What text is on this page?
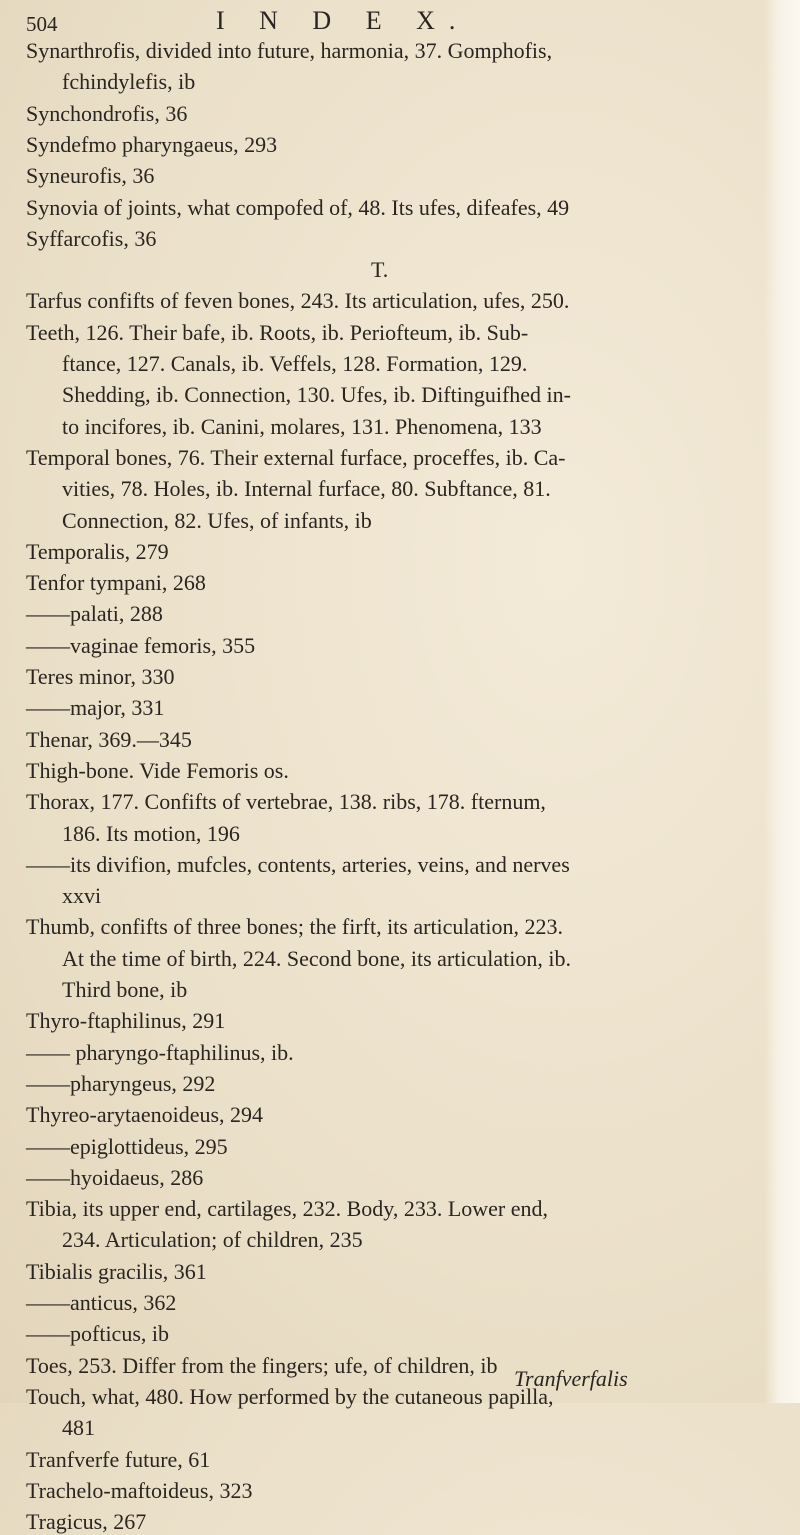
504	I N D E X.
Synarthrofis, divided into future, harmonia, 37. Gomphofis,
fchindylefis, ib
Synchondrofis, 36
Syndefmo pharyngaeus, 293
Syneurofis, 36
Synovia of joints, what compofed of, 48. Its ufes, difeafes, 49
Syffarcofis, 36
Tarfus confifts of feven bones, 243. Its articulation, ufes, 250.
Teeth, 126. Their bafe, ib. Roots, ib. Periofteum, ib. Sub-
ftance, 127. Canals, ib. Veffels, 128. Formation, 129.
Shedding, ib. Connection, 130. Ufes, ib. Diftinguifhed in-
to incifores, ib. Canini, molares, 131. Phenomena, 133
Temporal bones, 76. Their external furface, proceffes, ib. Ca-
vities, 78. Holes, ib. Internal furface, 80. Subftance, 81.
Connection, 82. Ufes, of infants, ib
Temporalis, 279
Tenfor tympani, 268
——palati, 288
——vaginae femoris, 355
Teres minor, 330
——major, 331
Thenar, 369.—345
Thigh-bone. Vide Femoris os.
Thorax, 177. Confifts of vertebrae, 138. ribs, 178. fternum,
186. Its motion, 196
——its divifion, mufcles, contents, arteries, veins, and nerves
xxvi
Thumb, confifts of three bones; the firft, its articulation, 223.
At the time of birth, 224. Second bone, its articulation, ib.
Third bone, ib
Thyro-ftaphilinus, 291
—— pharyngo-ftaphilinus, ib.
——pharyngeus, 292
Thyreo-arytaenoideus, 294
——epiglottideus, 295
——hyoidaeus, 286
Tibia, its upper end, cartilages, 232. Body, 233. Lower end,
234. Articulation; of children, 235
Tibialis gracilis, 361
——anticus, 362
——pofticus, ib
Toes, 253. Differ from the fingers; ufe, of children, ib
Touch, what, 480. How performed by the cutaneous papilla,
481
Tranfverfe future, 61
Trachelo-maftoideus, 323
Tragicus, 267
T.
Tranfverfalis
